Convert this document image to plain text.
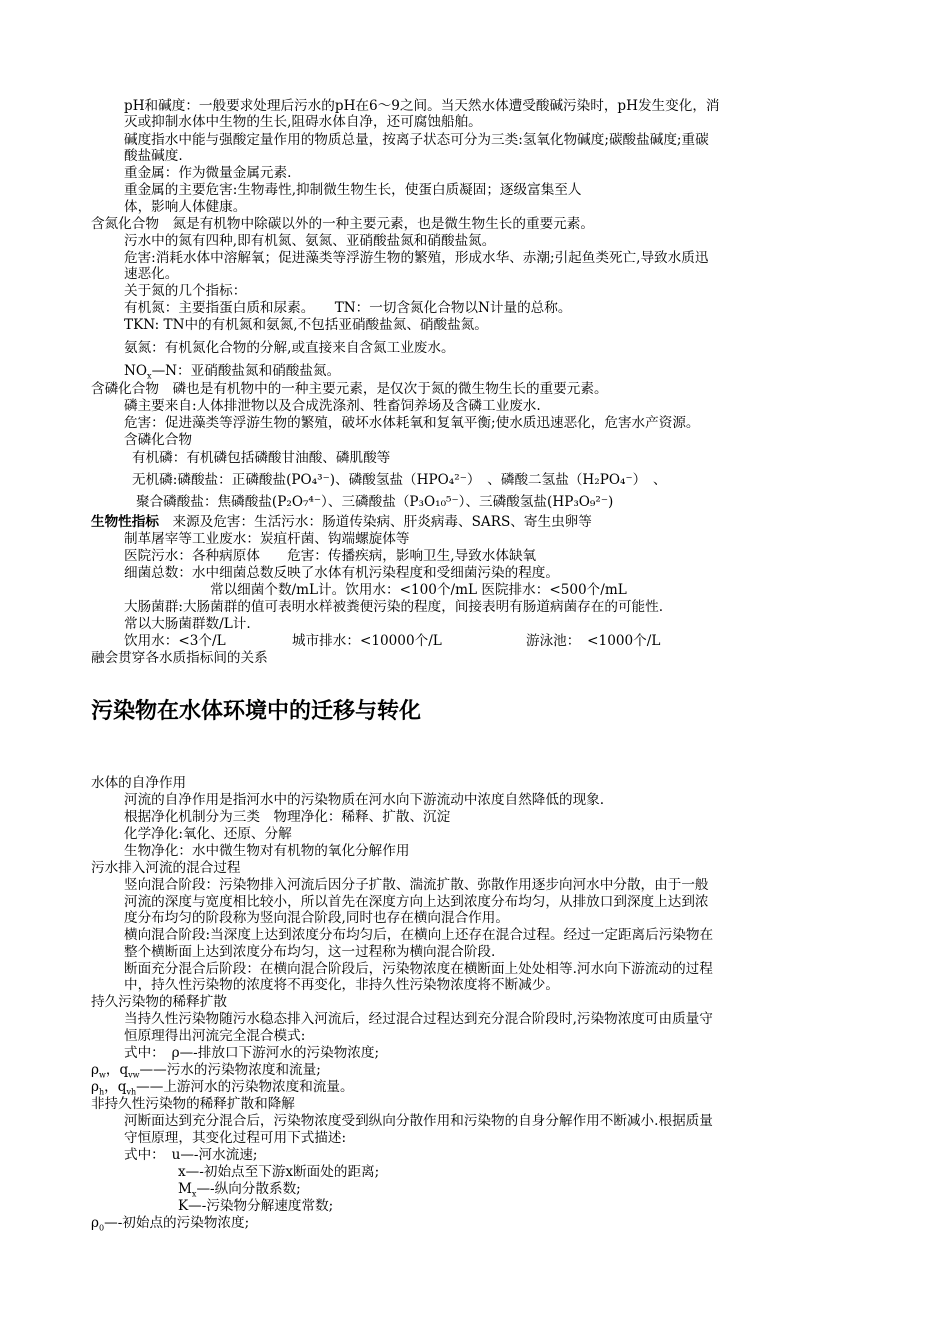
pH和碱度：一般要求处理后污水的pH在6～9之间。当天然水体遭受酸碱污染时，pH发生变化，消
灭或抑制水体中生物的生长,阻碍水体自净，还可腐蚀船舶。
碱度指水中能与强酸定量作用的物质总量，按离子状态可分为三类:氢氧化物碱度;碳酸盐碱度;重碳
酸盐碱度.
重金属：作为微量金属元素.
重金属的主要危害:生物毒性,抑制微生物生长，使蛋白质凝固；逐级富集至人
体，影响人体健康。
含氮化合物　氮是有机物中除碳以外的一种主要元素，也是微生物生长的重要元素。
污水中的氮有四种,即有机氮、氨氮、亚硝酸盐氮和硝酸盐氮。
危害:消耗水体中溶解氧；促进藻类等浮游生物的繁殖，形成水华、赤潮;引起鱼类死亡,导致水质迅
速恶化。
关于氮的几个指标：
有机氮：主要指蛋白质和尿素。　　TN：一切含氮化合物以N计量的总称。
TKN: TN中的有机氮和氨氮,不包括亚硝酸盐氮、硝酸盐氮。
氨氮：有机氮化合物的分解,或直接来自含氮工业废水。
$NO_x—N$：亚硝酸盐氮和硝酸盐氮。
含磷化合物　磷也是有机物中的一种主要元素，是仅次于氮的微生物生长的重要元素。
磷主要来自:人体排泄物以及合成洗涤剂、牲畜饲养场及含磷工业废水.
危害：促进藻类等浮游生物的繁殖，破坏水体耗氧和复氧平衡;使水质迅速恶化，危害水产资源。
含磷化合物
有机磷：有机磷包括磷酸甘油酸、磷肌酸等
无机磷:磷酸盐：正磷酸盐(PO₄³⁻)、磷酸氢盐（HPO₄²⁻）　、磷酸二氢盐（H₂PO₄⁻）　、
聚合磷酸盐：焦磷酸盐(P₂O₇⁴⁻）、三磷酸盐（P₃O₁₀⁵⁻）、三磷酸氢盐(HP₃O₉²⁻)
生物性指标　来源及危害：生活污水：肠道传染病、肝炎病毒、SARS、寄生虫卵等
制革屠宰等工业废水：炭疽杆菌、钩端螺旋体等
医院污水：各种病原体　　危害：传播疾病，影响卫生,导致水体缺氧
细菌总数：水中细菌总数反映了水体有机污染程度和受细菌污染的程度。
常以细菌个数/mL计。饮用水：<100个/mL 医院排水：<500个/mL
大肠菌群:大肠菌群的值可表明水样被粪便污染的程度，间接表明有肠道病菌存在的可能性.
常以大肠菌群数/L计.
饮用水：<3个/L	城市排水：<10000个/L	游泳池：　<1000个/L
融会贯穿各水质指标间的关系
污染物在水体环境中的迁移与转化
水体的自净作用
河流的自净作用是指河水中的污染物质在河水向下游流动中浓度自然降低的现象.
根据净化机制分为三类　物理净化：稀释、扩散、沉淀
化学净化:氧化、还原、分解
生物净化：水中微生物对有机物的氧化分解作用
污水排入河流的混合过程
竖向混合阶段：污染物排入河流后因分子扩散、湍流扩散、弥散作用逐步向河水中分散，由于一般
河流的深度与宽度相比较小，所以首先在深度方向上达到浓度分布均匀，从排放口到深度上达到浓
度分布均匀的阶段称为竖向混合阶段,同时也存在横向混合作用。
横向混合阶段:当深度上达到浓度分布均匀后，在横向上还存在混合过程。经过一定距离后污染物在
整个横断面上达到浓度分布均匀，这一过程称为横向混合阶段.
断面充分混合后阶段：在横向混合阶段后，污染物浓度在横断面上处处相等.河水向下游流动的过程
中，持久性污染物的浓度将不再变化，非持久性污染物浓度将不断减少。
持久污染物的稀释扩散
当持久性污染物随污水稳态排入河流后，经过混合过程达到充分混合阶段时,污染物浓度可由质量守
恒原理得出河流完全混合模式:
式中：　ρ—-排放口下游河水的污染物浓度;
$\rho_w$，$q_{vw}——$污水的污染物浓度和流量;
$\rho_h$，$q_{vh}——$上游河水的污染物浓度和流量。
非持久性污染物的稀释扩散和降解
河断面达到充分混合后，污染物浓度受到纵向分散作用和污染物的自身分解作用不断减小.根据质量
守恒原理，其变化过程可用下式描述:
式中：　u—-河水流速;
x—-初始点至下游x断面处的距离;
$M_x—-$纵向分散系数;
K—-污染物分解速度常数;
$\rho_0—-$初始点的污染物浓度;
